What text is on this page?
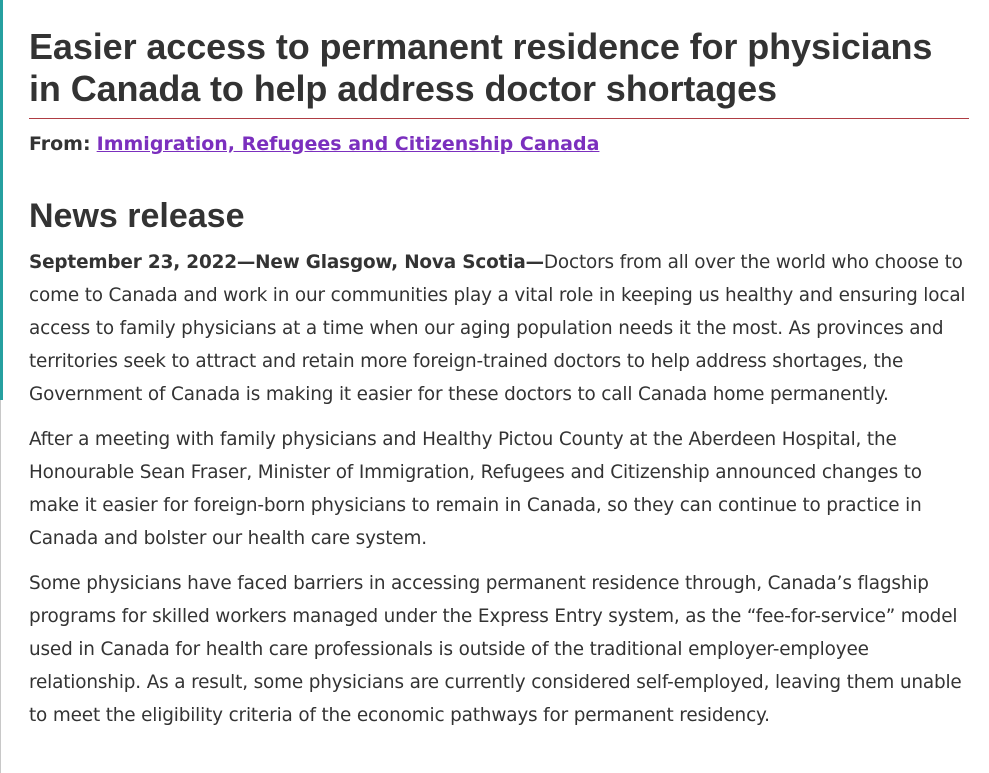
Easier access to permanent residence for physicians in Canada to help address doctor shortages
From: Immigration, Refugees and Citizenship Canada
News release

September 23, 2022—New Glasgow, Nova Scotia—Doctors from all over the world who choose to come to Canada and work in our communities play a vital role in keeping us healthy and ensuring local access to family physicians at a time when our aging population needs it the most. As provinces and territories seek to attract and retain more foreign-trained doctors to help address shortages, the Government of Canada is making it easier for these doctors to call Canada home permanently.

After a meeting with family physicians and Healthy Pictou County at the Aberdeen Hospital, the Honourable Sean Fraser, Minister of Immigration, Refugees and Citizenship announced changes to make it easier for foreign-born physicians to remain in Canada, so they can continue to practice in Canada and bolster our health care system.

Some physicians have faced barriers in accessing permanent residence through, Canada’s flagship programs for skilled workers managed under the Express Entry system, as the “fee-for-service” model used in Canada for health care professionals is outside of the traditional employer-employee relationship. As a result, some physicians are currently considered self-employed, leaving them unable to meet the eligibility criteria of the economic pathways for permanent residency.
